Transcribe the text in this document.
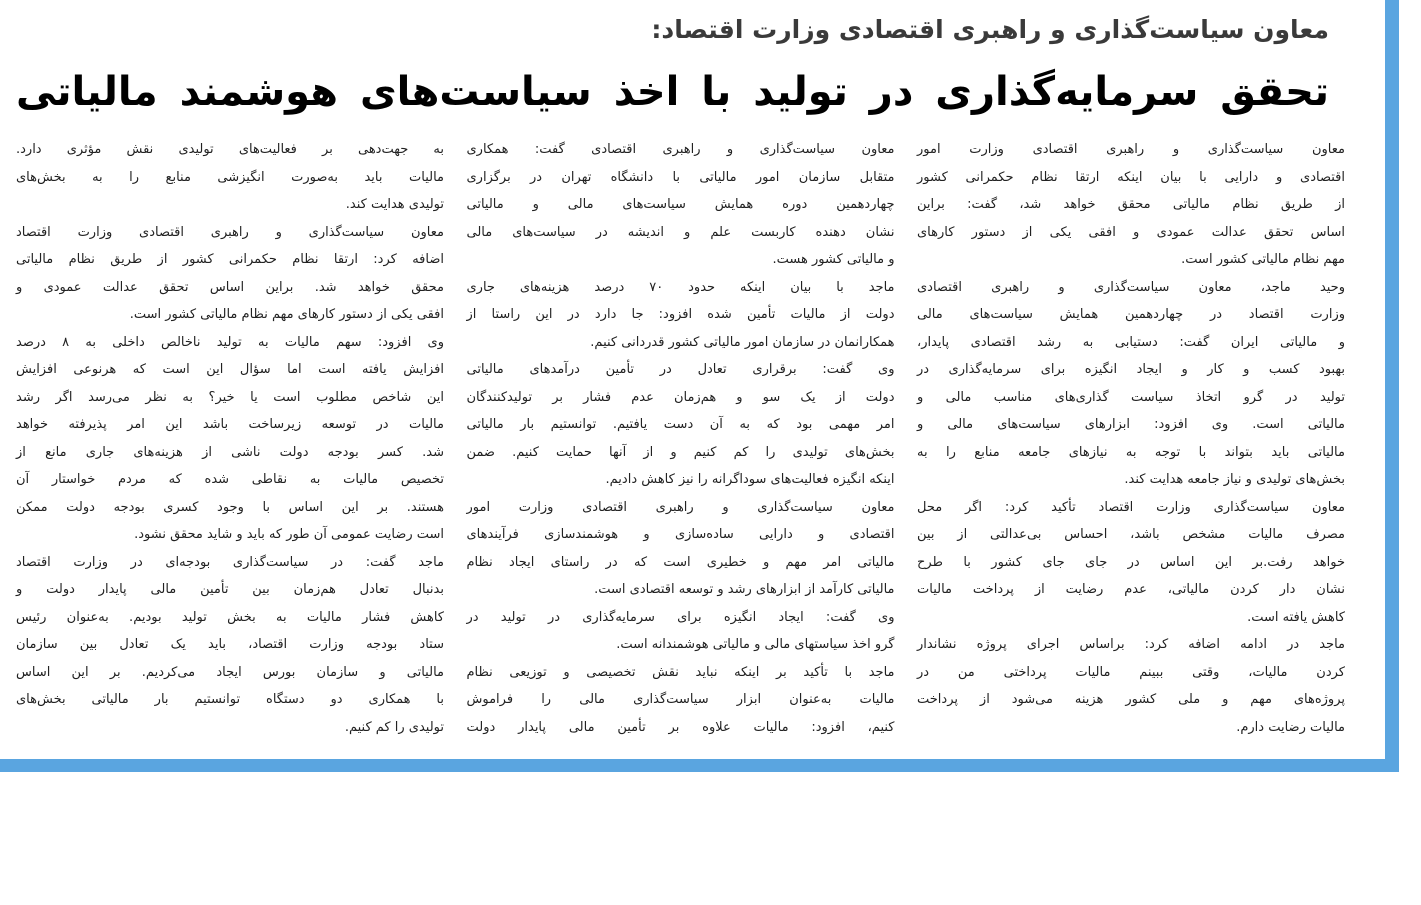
معاون سیاست‌گذاری و راهبری اقتصادی وزارت اقتصاد:
تحقق سرمایه‌گذاری در تولید با اخذ سیاست‌های هوشمند مالیاتی
معاون سیاست‌گذاری و راهبری اقتصادی وزارت امور
اقتصادی و دارایی با بیان اینکه ارتقا نظام حکمرانی کشور
از طریق نظام مالیاتی محقق خواهد شد، گفت: براین
اساس تحقق عدالت عمودی و افقی یکی از دستور کارهای
مهم نظام مالیاتی کشور است.
وحید ماجد، معاون سیاست‌گذاری و راهبری اقتصادی
وزارت اقتصاد در چهاردهمین همایش سیاست‌های مالی
و مالیاتی ایران گفت: دستیابی به رشد اقتصادی پایدار،
بهبود کسب و کار و ایجاد انگیزه برای سرمایه‌گذاری در
تولید در گرو اتخاذ سیاست گذاری‌های مناسب مالی و
مالیاتی است. وی افزود: ابزارهای سیاست‌های مالی و
مالیاتی باید بتواند با توجه به نیازهای جامعه منابع را به
بخش‌های تولیدی و نیاز جامعه هدایت کند.
معاون سیاست‌گذاری وزارت اقتصاد تأکید کرد: اگر محل
مصرف مالیات مشخص باشد، احساس بی‌عدالتی از بین
خواهد رفت.بر این اساس در جای جای کشور با طرح
نشان دار کردن مالیاتی، عدم رضایت از پرداخت مالیات
کاهش یافته است.
ماجد در ادامه اضافه کرد: براساس اجرای پروژه نشاندار
کردن مالیات، وقتی ببینم مالیات پرداختی من در
پروژه‌های مهم و ملی کشور هزینه می‌شود از پرداخت
مالیات رضایت دارم.
معاون سیاست‌گذاری و راهبری اقتصادی گفت: همکاری
متقابل سازمان امور مالیاتی با دانشگاه تهران در برگزاری
چهاردهمین دوره همایش سیاست‌های مالی و مالیاتی
نشان دهنده کاربست علم و اندیشه در سیاست‌های مالی
و مالیاتی کشور هست.
ماجد با بیان اینکه حدود ۷۰ درصد هزینه‌های جاری
دولت از مالیات تأمین شده افزود: جا دارد در این راستا از
همکارانمان در سازمان امور مالیاتی کشور قدردانی کنیم.
وی گفت: برقراری تعادل در تأمین درآمدهای مالیاتی
دولت از یک سو و هم‌زمان عدم فشار بر تولیدکنندگان
امر مهمی بود که به آن دست یافتیم. توانستیم بار مالیاتی
بخش‌های تولیدی را کم کنیم و از آنها حمایت کنیم. ضمن
اینکه انگیزه فعالیت‌های سوداگرانه را نیز کاهش دادیم.
معاون سیاست‌گذاری و راهبری اقتصادی وزارت امور
اقتصادی و دارایی ساده‌سازی و هوشمندسازی فرآیندهای
مالیاتی امر مهم و خطیری است که در راستای ایجاد نظام
مالیاتی کارآمد از ابزارهای رشد و توسعه اقتصادی است.
وی گفت: ایجاد انگیزه برای سرمایه‌گذاری در تولید در
گرو اخذ سیاستهای مالی و مالیاتی هوشمندانه است.
ماجد با تأکید بر اینکه نباید نقش تخصیصی و توزیعی نظام
مالیات به‌عنوان ابزار سیاست‌گذاری مالی را فراموش
کنیم، افزود: مالیات علاوه بر تأمین مالی پایدار دولت
به جهت‌دهی بر فعالیت‌های تولیدی نقش مؤثری دارد.
مالیات باید به‌صورت انگیزشی منابع را به بخش‌های
تولیدی هدایت کند.
معاون سیاست‌گذاری و راهبری اقتصادی وزارت اقتصاد
اضافه کرد: ارتقا نظام حکمرانی کشور از طریق نظام مالیاتی
محقق خواهد شد. براین اساس تحقق عدالت عمودی و
افقی یکی از دستور کارهای مهم نظام مالیاتی کشور است.
وی افزود: سهم مالیات به تولید ناخالص داخلی به ۸ درصد
افزایش یافته است اما سؤال این است که هرنوعی افزایش
این شاخص مطلوب است یا خیر؟ به نظر می‌رسد اگر رشد
مالیات در توسعه زیرساخت باشد این امر پذیرفته خواهد
شد. کسر بودجه دولت ناشی از هزینه‌های جاری مانع از
تخصیص مالیات به نقاطی شده که مردم خواستار آن
هستند. بر این اساس با وجود کسری بودجه دولت ممکن
است رضایت عمومی آن طور که باید و شاید محقق نشود.
ماجد گفت: در سیاست‌گذاری بودجه‌ای در وزارت اقتصاد
بدنبال تعادل هم‌زمان بین تأمین مالی پایدار دولت و
کاهش فشار مالیات به بخش تولید بودیم. به‌عنوان رئیس
ستاد بودجه وزارت اقتصاد، باید یک تعادل بین سازمان
مالیاتی و سازمان بورس ایجاد می‌کردیم. بر این اساس
با همکاری دو دستگاه توانستیم بار مالیاتی بخش‌های
تولیدی را کم کنیم.
